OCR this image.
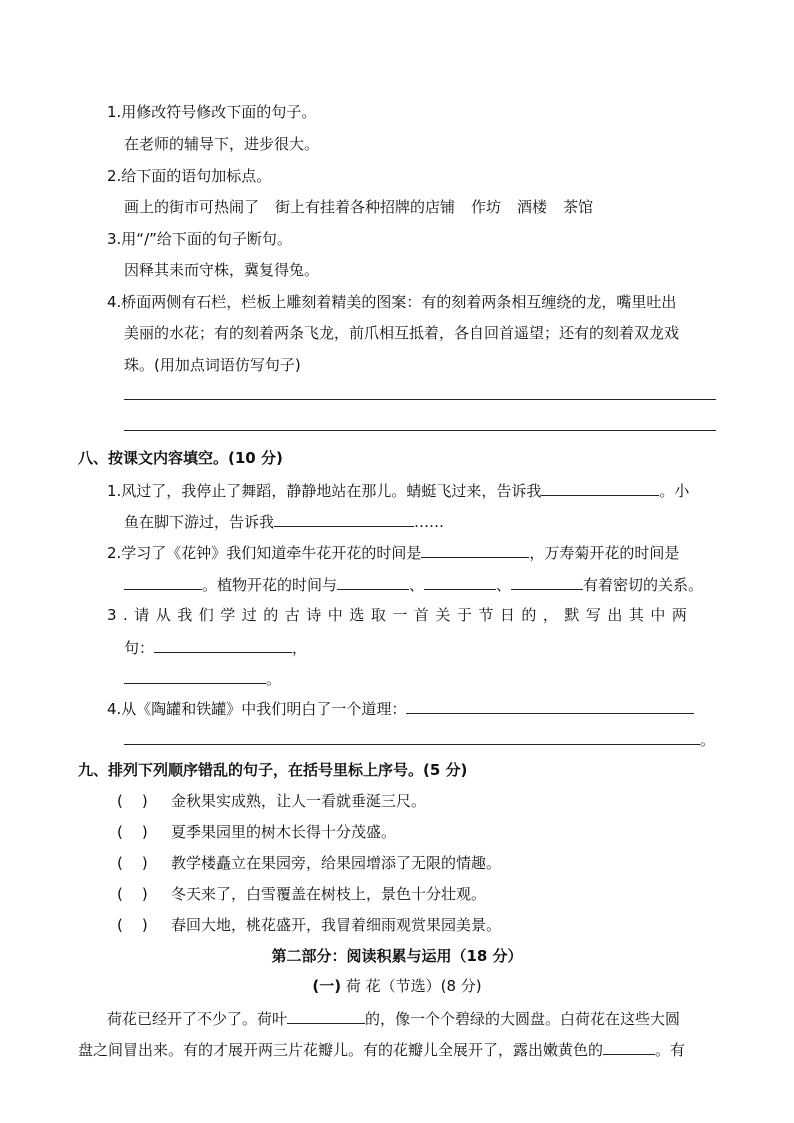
1.用修改符号修改下面的句子。
在老师的辅导下，进步很大。
2.给下面的语句加标点。
画上的街市可热闹了 街上有挂着各种招牌的店铺 作坊 酒楼 茶馆
3.用“/”给下面的句子断句。
因释其耒而守株，冀复得兔。
4.桥面两侧有石栏，栏板上雕刻着精美的图案：有的刻着两条相互缠绕的龙，嘴里吐出
美丽的水花；有的刻着两条飞龙，前爪相互抵着，各自回首遥望；还有的刻着双龙戏
珠。(用加点词语仿写句子)
八、按课文内容填空。(10 分)
1.风过了，我停止了舞蹈，静静地站在那儿。蜻蜓飞过来，告诉我	。小
鱼在脚下游过，告诉我	……
2.学习了《花钟》我们知道牵牛花开花的时间是	，万寿菊开花的时间是
。植物开花的时间与	、	、	有着密切的关系。
3.请从我们学过的古诗中选取一首关于节日的，默写出其中两
句：	，
。
4.从《陶罐和铁罐》中我们明白了一个道理：
。
九、排列下列顺序错乱的句子，在括号里标上序号。(5 分)
(    ) 金秋果实成熟，让人一看就垂涎三尺。
(    ) 夏季果园里的树木长得十分茂盛。
(    ) 教学楼矗立在果园旁，给果园增添了无限的情趣。
(    ) 冬天来了，白雪覆盖在树枝上，景色十分壮观。
(    ) 春回大地，桃花盛开，我冒着细雨观赏果园美景。
第二部分：阅读积累与运用（18 分）
(一) 荷 花（节选）(8 分)
荷花已经开了不少了。荷叶	的，像一个个碧绿的大圆盘。白荷花在这些大圆
盘之间冒出来。有的才展开两三片花瓣儿。有的花瓣儿全展开了，露出嫩黄色的	。有
